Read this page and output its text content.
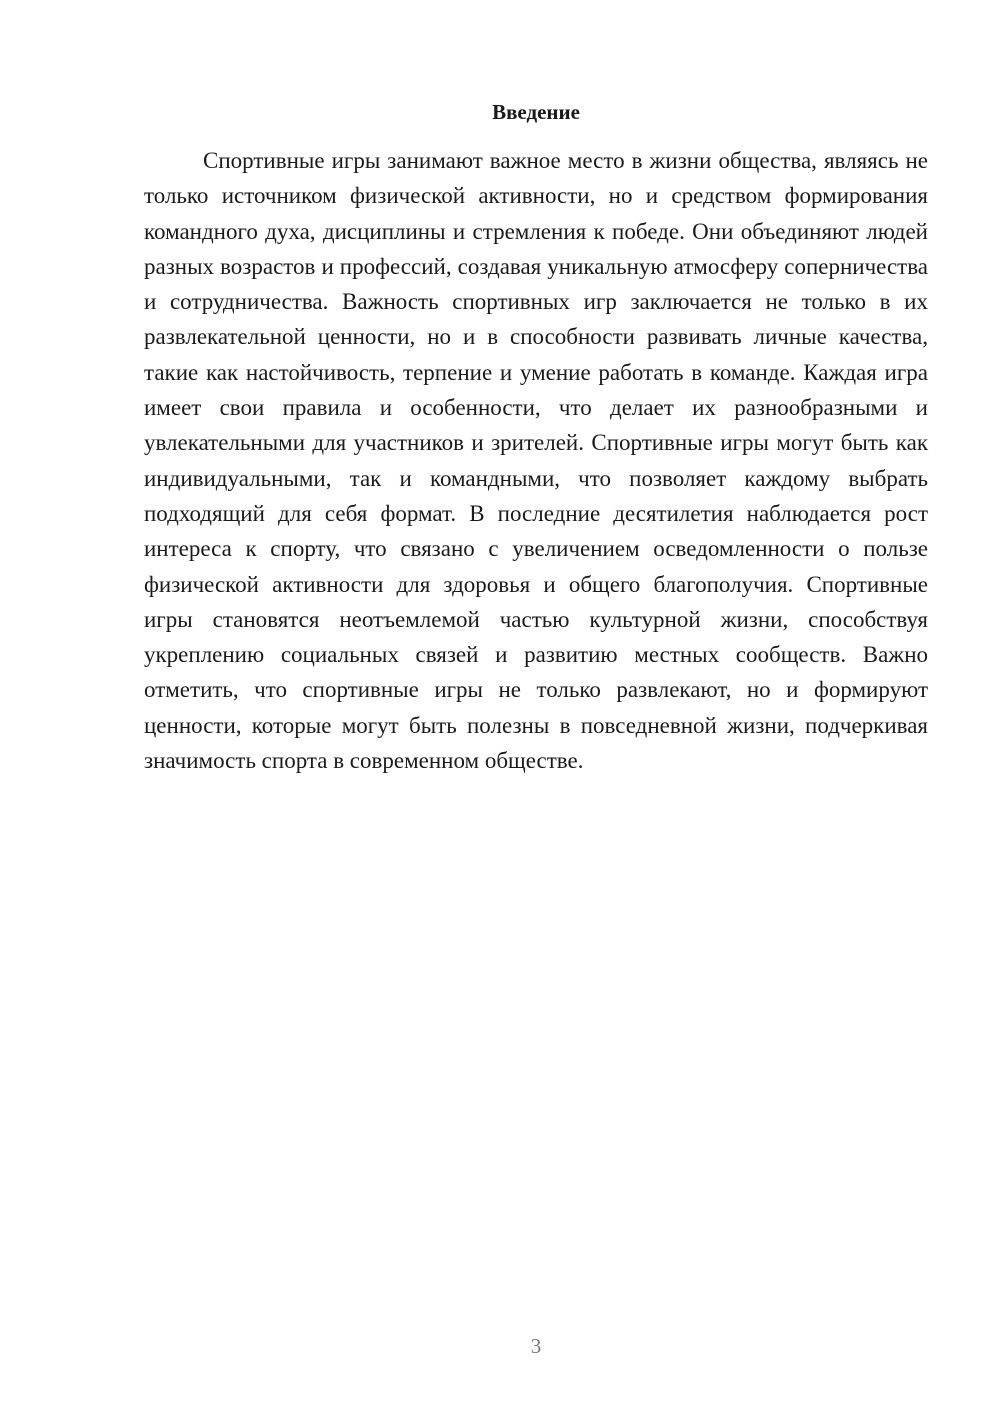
Введение

Спортивные игры занимают важное место в жизни общества, являясь не только источником физической активности, но и средством формирования командного духа, дисциплины и стремления к победе. Они объединяют людей разных возрастов и профессий, создавая уникальную атмосферу соперничества и сотрудничества. Важность спортивных игр заключается не только в их развлекательной ценности, но и в способности развивать личные качества, такие как настойчивость, терпение и умение работать в команде. Каждая игра имеет свои правила и особенности, что делает их разнообразными и увлекательными для участников и зрителей. Спортивные игры могут быть как индивидуальными, так и командными, что позволяет каждому выбрать подходящий для себя формат. В последние десятилетия наблюдается рост интереса к спорту, что связано с увеличением осведомленности о пользе физической активности для здоровья и общего благополучия. Спортивные игры становятся неотъемлемой частью культурной жизни, способствуя укреплению социальных связей и развитию местных сообществ. Важно отметить, что спортивные игры не только развлекают, но и формируют ценности, которые могут быть полезны в повседневной жизни, подчеркивая значимость спорта в современном обществе.

3
